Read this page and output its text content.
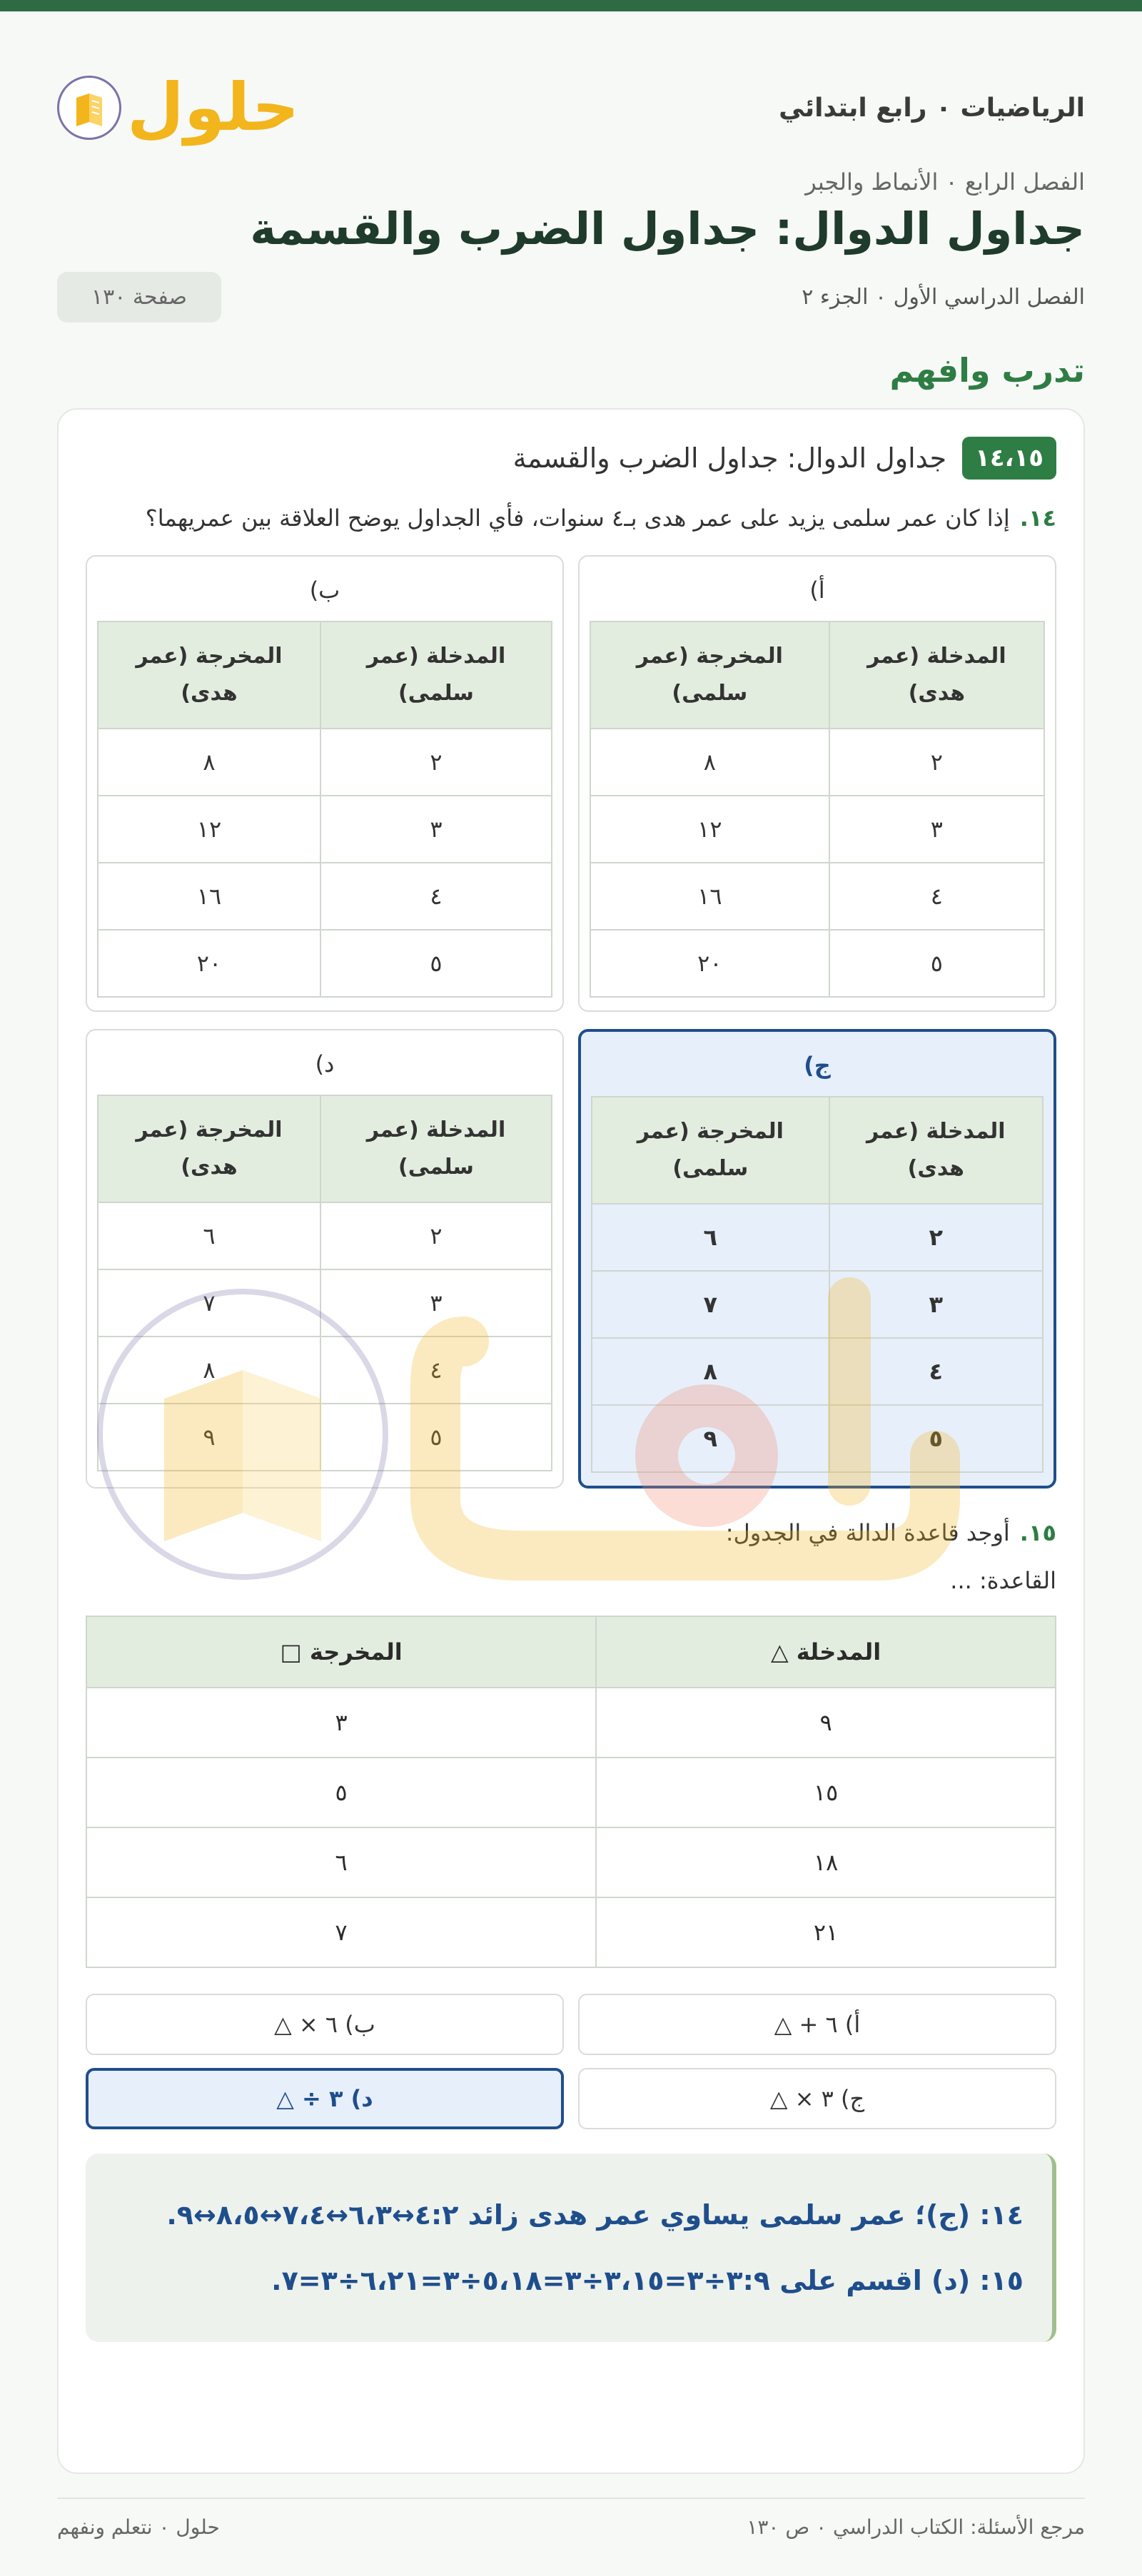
الرياضيات ٠ رابع ابتدائي
حلول
الفصل الرابع ٠ الأنماط والجبر
جداول الدوال: جداول الضرب والقسمة
الفصل الدراسي الأول ٠ الجزء ٢
صفحة ١٣٠
تدرب وافهم
١٤،١٥
جداول الدوال: جداول الضرب والقسمة
١٤.إذا كان عمر سلمى يزيد على عمر هدى بـ٤ سنوات، فأي الجداول يوضح العلاقة بين عمريهما؟
أ)
المدخلة (عمر هدى)	المخرجة (عمر سلمى)
٢	٨
٣	١٢
٤	١٦
٥	٢٠
ب)
المدخلة (عمر سلمى)	المخرجة (عمر هدى)
٢	٨
٣	١٢
٤	١٦
٥	٢٠
ج)
المدخلة (عمر هدى)	المخرجة (عمر سلمى)
٢	٦
٣	٧
٤	٨
٥	٩
د)
المدخلة (عمر سلمى)	المخرجة (عمر هدى)
٢	٦
٣	٧
٤	٨
٥	٩
١٥.أوجد قاعدة الدالة في الجدول:
القاعدة: ...
المدخلة △	المخرجة □
٩	٣
١٥	٥
١٨	٦
٢١	٧
أ) ٦ + △
ب) ٦ × △
ج) ٣ × △
د) ٣ ÷ △
١٤: (ج)؛ عمر سلمى يساوي عمر هدى زائد ٤:٢↔٦،٣↔٧،٤↔٨،٥↔٩.
١٥: (د) اقسم على ٣:٩÷٣=٣،١٥÷٣=٥،١٨÷٣=٦،٢١÷٣=٧.
مرجع الأسئلة: الكتاب الدراسي ٠ ص ١٣٠
حلول ٠ نتعلم ونفهم
